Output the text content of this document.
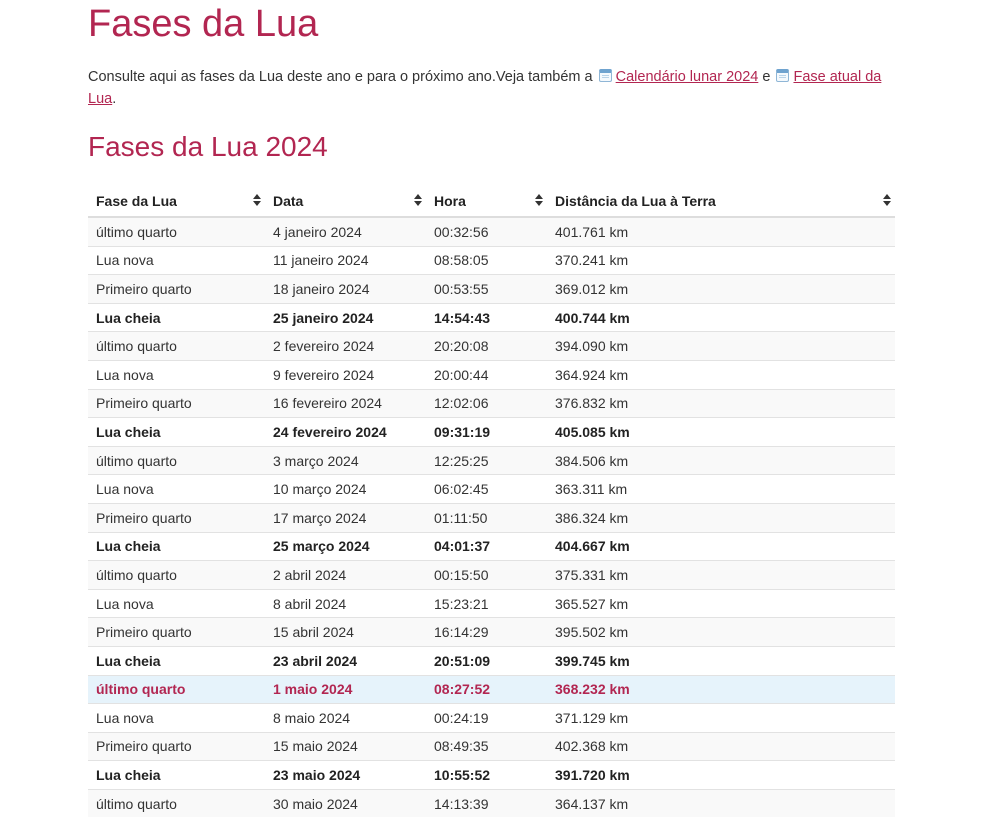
Fases da Lua

Consulte aqui as fases da Lua deste ano e para o próximo ano.Veja também a Calendário lunar 2024 e Fase atual da Lua.

Fases da Lua 2024
Fase da Lua	Data	Hora	Distância da Lua à Terra

último quarto	4 janeiro 2024	00:32:56	401.761 km
Lua nova	11 janeiro 2024	08:58:05	370.241 km
Primeiro quarto	18 janeiro 2024	00:53:55	369.012 km
Lua cheia	25 janeiro 2024	14:54:43	400.744 km
último quarto	2 fevereiro 2024	20:20:08	394.090 km
Lua nova	9 fevereiro 2024	20:00:44	364.924 km
Primeiro quarto	16 fevereiro 2024	12:02:06	376.832 km
Lua cheia	24 fevereiro 2024	09:31:19	405.085 km
último quarto	3 março 2024	12:25:25	384.506 km
Lua nova	10 março 2024	06:02:45	363.311 km
Primeiro quarto	17 março 2024	01:11:50	386.324 km
Lua cheia	25 março 2024	04:01:37	404.667 km
último quarto	2 abril 2024	00:15:50	375.331 km
Lua nova	8 abril 2024	15:23:21	365.527 km
Primeiro quarto	15 abril 2024	16:14:29	395.502 km
Lua cheia	23 abril 2024	20:51:09	399.745 km
último quarto	1 maio 2024	08:27:52	368.232 km
Lua nova	8 maio 2024	00:24:19	371.129 km
Primeiro quarto	15 maio 2024	08:49:35	402.368 km
Lua cheia	23 maio 2024	10:55:52	391.720 km
último quarto	30 maio 2024	14:13:39	364.137 km
